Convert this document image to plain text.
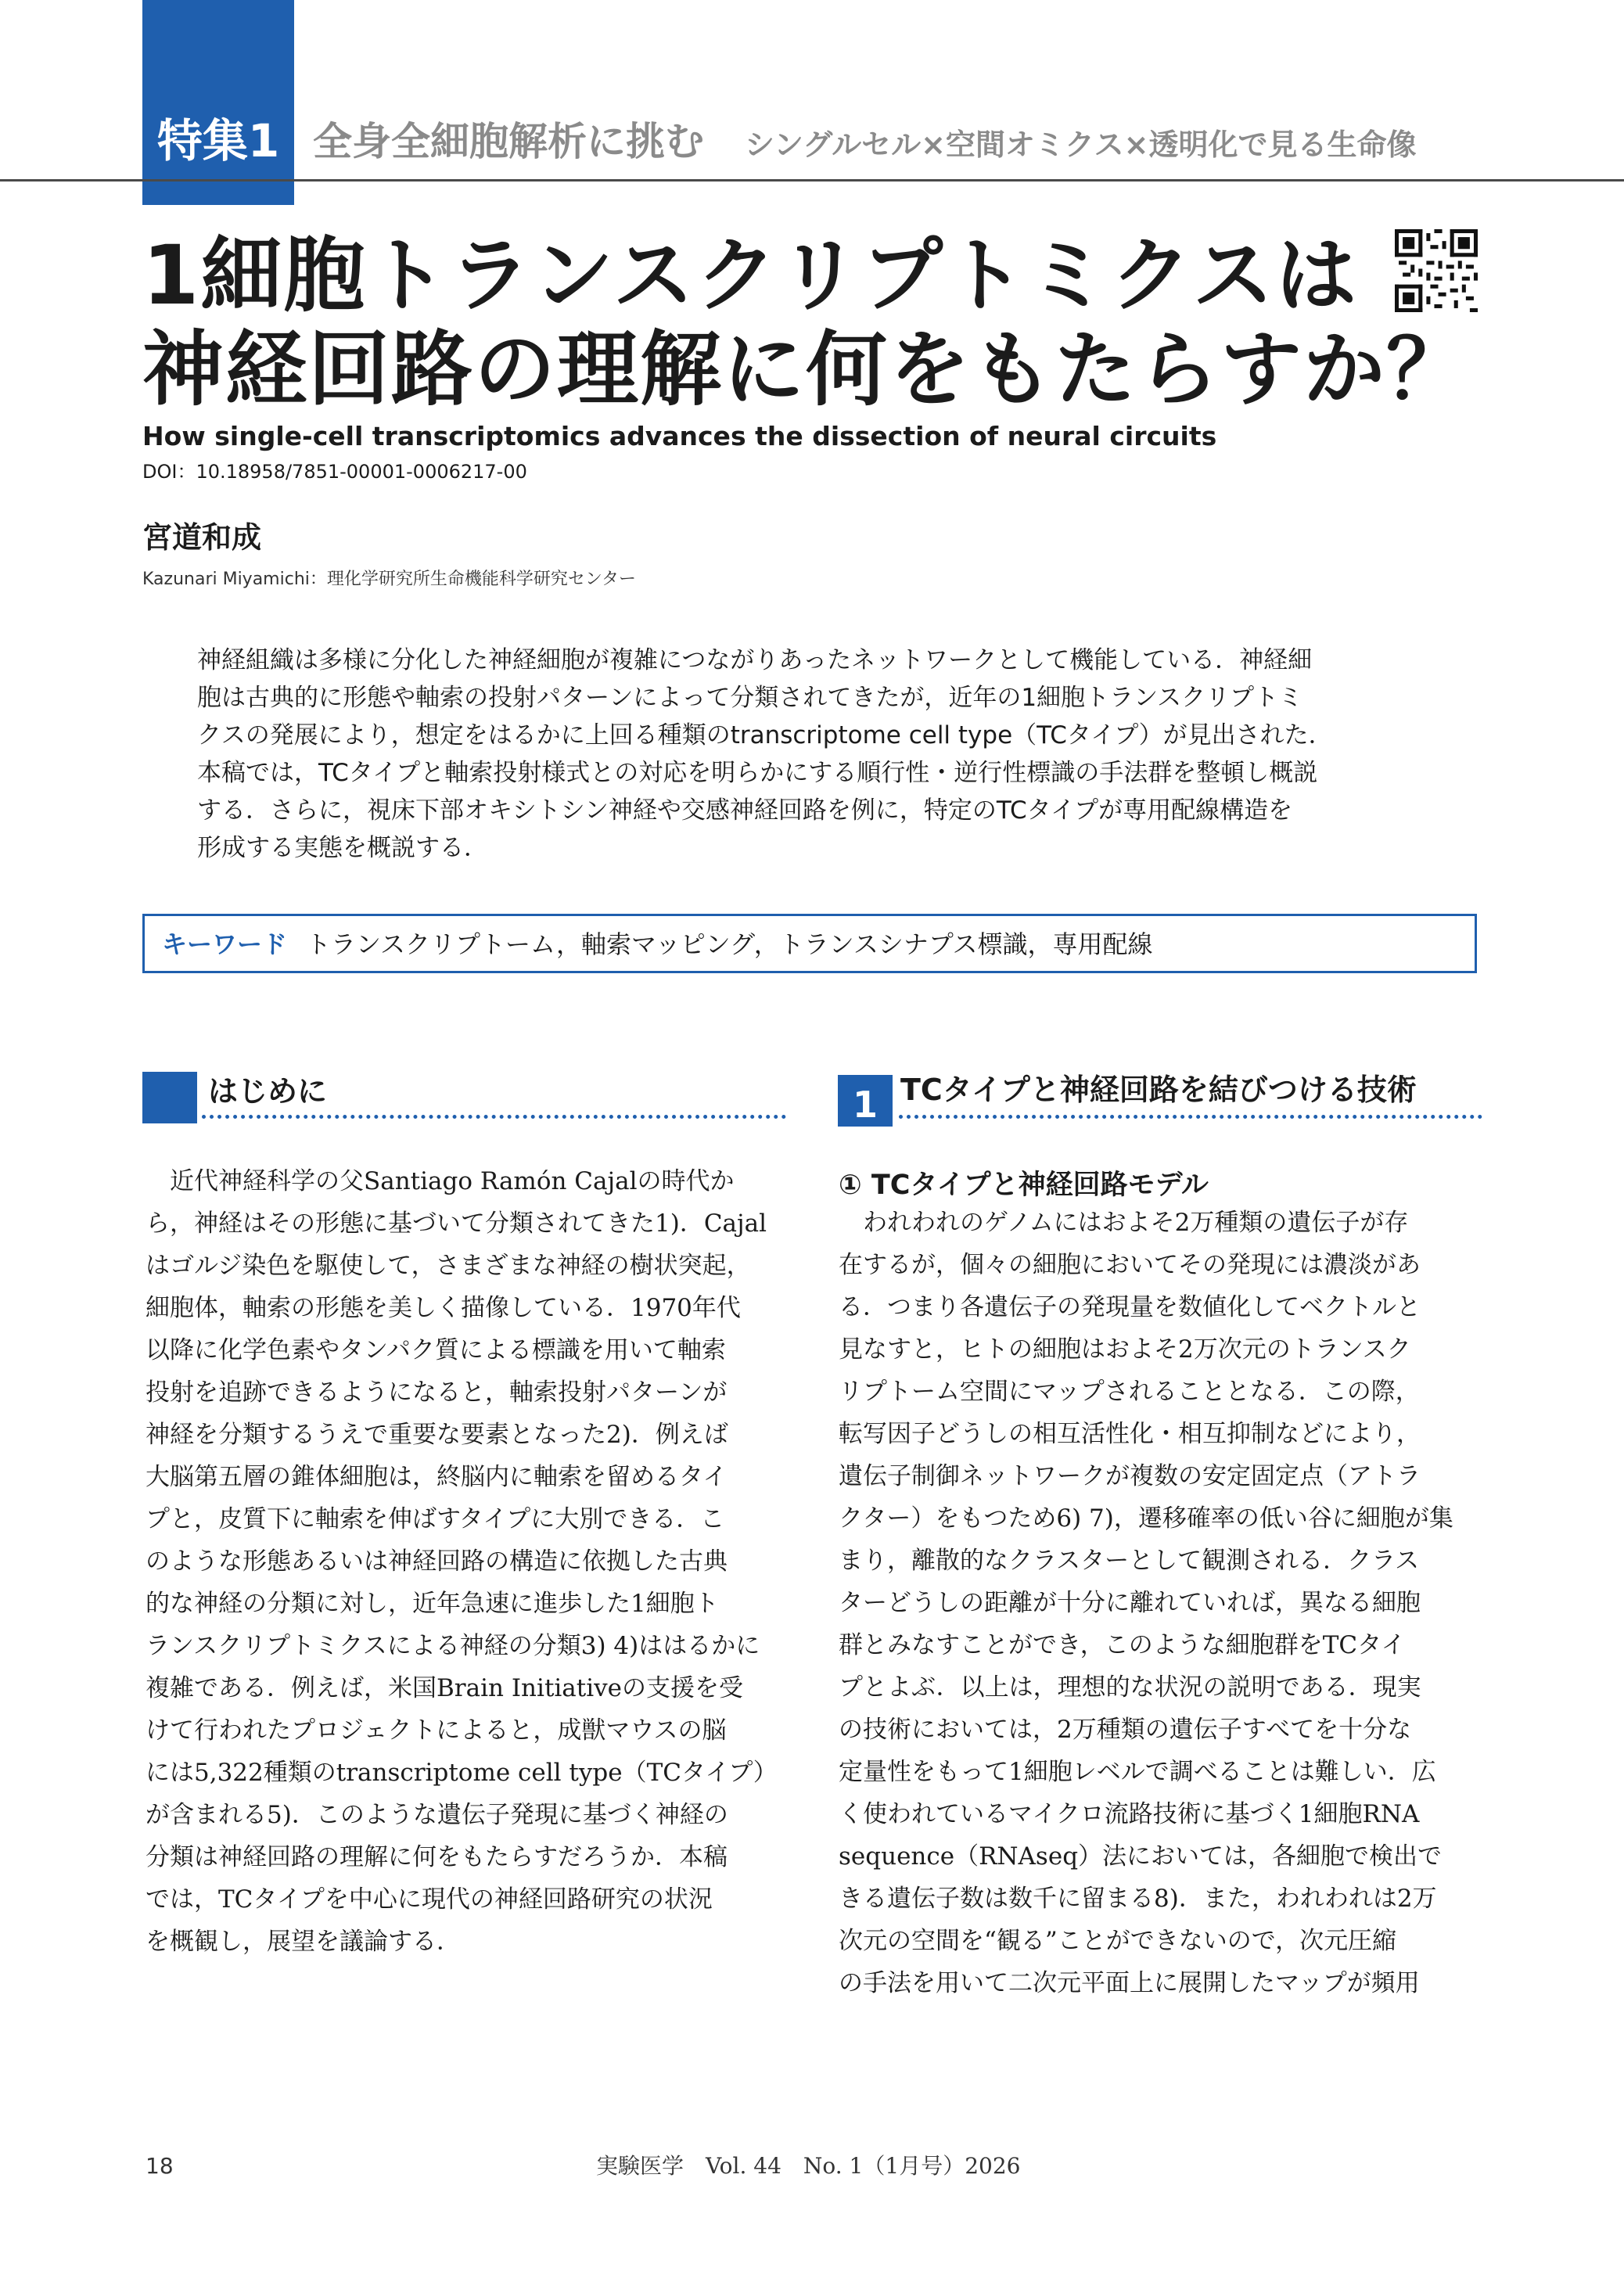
特集1 全身全細胞解析に挑む シングルセル×空間オミクス×透明化で見る生命像
1細胞トランスクリプトミクスは
神経回路の理解に何をもたらすか？
How single-cell transcriptomics advances the dissection of neural circuits
DOI：10.18958/7851-00001-0006217-00
宮道和成
Kazunari Miyamichi：理化学研究所生命機能科学研究センター

神経組織は多様に分化した神経細胞が複雑につながりあったネットワークとして機能している．神経細

胞は古典的に形態や軸索の投射パターンによって分類されてきたが，近年の1細胞トランスクリプトミ

クスの発展により，想定をはるかに上回る種類のtranscriptome cell type（TCタイプ）が見出された．

本稿では，TCタイプと軸索投射様式との対応を明らかにする順行性・逆行性標識の手法群を整頓し概説

する．さらに，視床下部オキシトシン神経や交感神経回路を例に，特定のTCタイプが専用配線構造を

形成する実態を概説する．

キーワード トランスクリプトーム，軸索マッピング，トランスシナプス標識，専用配線
はじめに

　近代神経科学の父Santiago Ramón Cajalの時代か

ら，神経はその形態に基づいて分類されてきた1)．Cajal

はゴルジ染色を駆使して，さまざまな神経の樹状突起，

細胞体，軸索の形態を美しく描像している．1970年代

以降に化学色素やタンパク質による標識を用いて軸索

投射を追跡できるようになると，軸索投射パターンが

神経を分類するうえで重要な要素となった2)．例えば

大脳第五層の錐体細胞は，終脳内に軸索を留めるタイ

プと，皮質下に軸索を伸ばすタイプに大別できる．こ

のような形態あるいは神経回路の構造に依拠した古典

的な神経の分類に対し，近年急速に進歩した1細胞ト

ランスクリプトミクスによる神経の分類3) 4)ははるかに

複雑である．例えば，米国Brain Initiativeの支援を受

けて行われたプロジェクトによると，成獣マウスの脳

には5,322種類のtranscriptome cell type（TCタイプ）

が含まれる5)．このような遺伝子発現に基づく神経の

分類は神経回路の理解に何をもたらすだろうか．本稿

では，TCタイプを中心に現代の神経回路研究の状況

を概観し，展望を議論する．

1 TCタイプと神経回路を結びつける技術
① TCタイプと神経回路モデル

　われわれのゲノムにはおよそ2万種類の遺伝子が存

在するが，個々の細胞においてその発現には濃淡があ

る．つまり各遺伝子の発現量を数値化してベクトルと

見なすと，ヒトの細胞はおよそ2万次元のトランスク

リプトーム空間にマップされることとなる．この際，

転写因子どうしの相互活性化・相互抑制などにより，

遺伝子制御ネットワークが複数の安定固定点（アトラ

クター）をもつため6) 7)，遷移確率の低い谷に細胞が集

まり，離散的なクラスターとして観測される．クラス

ターどうしの距離が十分に離れていれば，異なる細胞

群とみなすことができ，このような細胞群をTCタイ

プとよぶ．以上は，理想的な状況の説明である．現実

の技術においては，2万種類の遺伝子すべてを十分な

定量性をもって1細胞レベルで調べることは難しい．広

く使われているマイクロ流路技術に基づく1細胞RNA

sequence（RNAseq）法においては，各細胞で検出で

きる遺伝子数は数千に留まる8)．また，われわれは2万

次元の空間を“観る”ことができないので，次元圧縮

の手法を用いて二次元平面上に展開したマップが頻用

18	実験医学　Vol. 44　No. 1（1月号）2026
